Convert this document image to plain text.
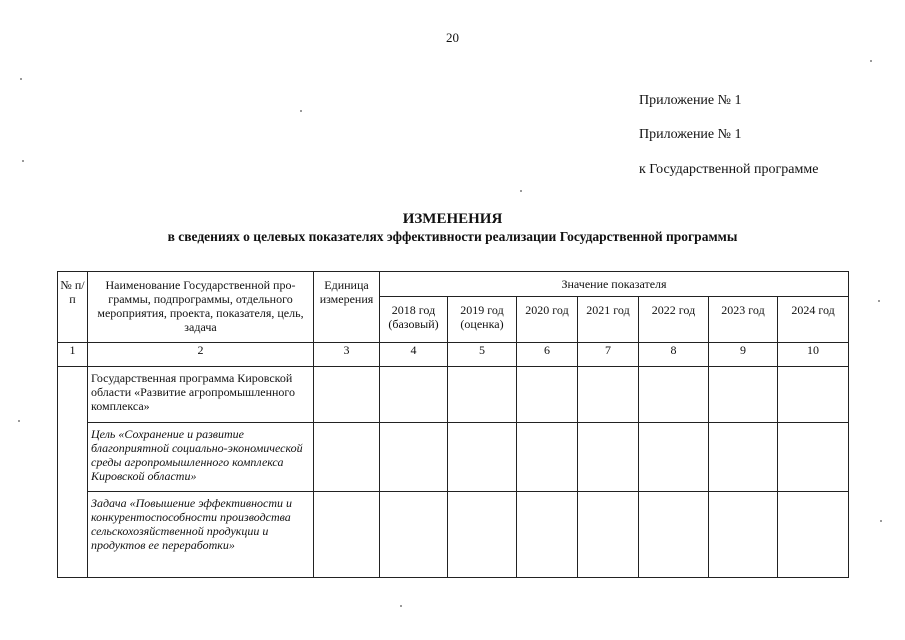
20
Приложение № 1
Приложение № 1
к Государственной программе
ИЗМЕНЕНИЯ
в сведениях о целевых показателях эффективности реализации Государственной программы
№ п/п	Наименование Государственной про-граммы, подпрограммы, отдельного мероприятия, проекта, показателя, цель, задача	Единица измерения	Значение показателя						
			2018 год (базовый)	2019 год (оценка)	2020 год	2021 год	2022 год	2023 год	2024 год
1	2	3	4	5	6	7	8	9	10
	Государственная программа Кировской области «Развитие агропромышленного комплекса»								
	Цель «Сохранение и развитие благоприятной социально-экономической среды агропромышленного комплекса Кировской области»								
	Задача «Повышение эффективности и конкурентоспособности производства сельскохозяйственной продукции и продуктов ее переработки»								
